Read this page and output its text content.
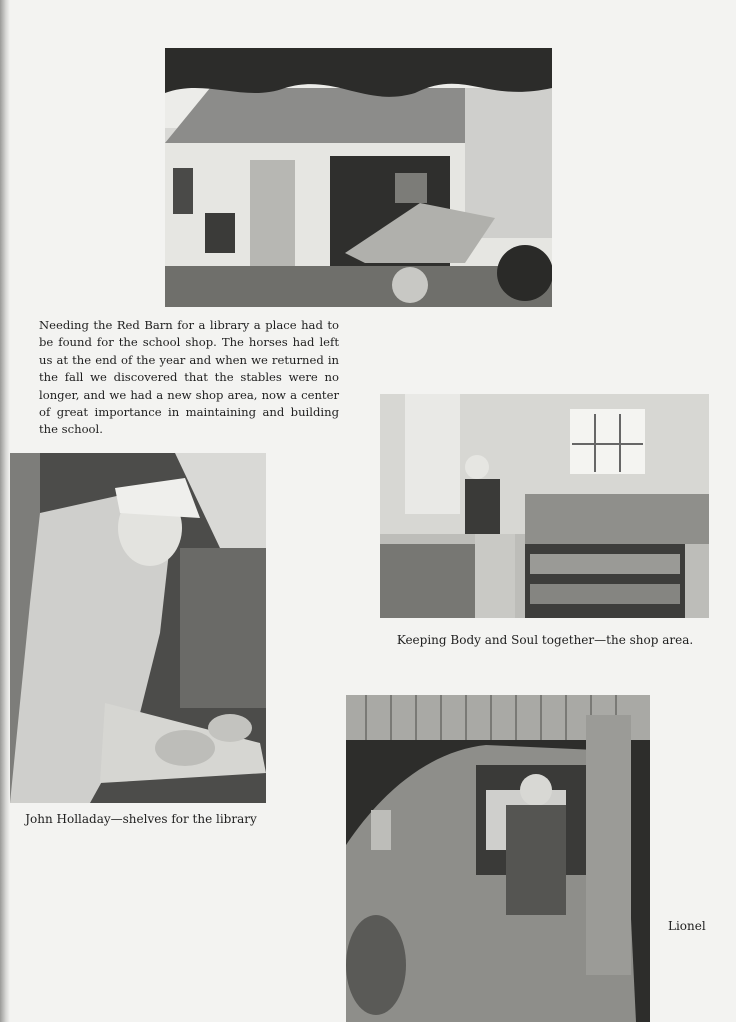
Needing the Red Barn for a library a place had to be found for the school shop. The horses had left us at the end of the year and when we returned in the fall we discovered that the stables were no longer, and we had a new shop area, now a center of great importance in maintaining and building the school.

Keeping Body and Soul together—the shop area.

John Holladay—shelves for the library

Lionel
